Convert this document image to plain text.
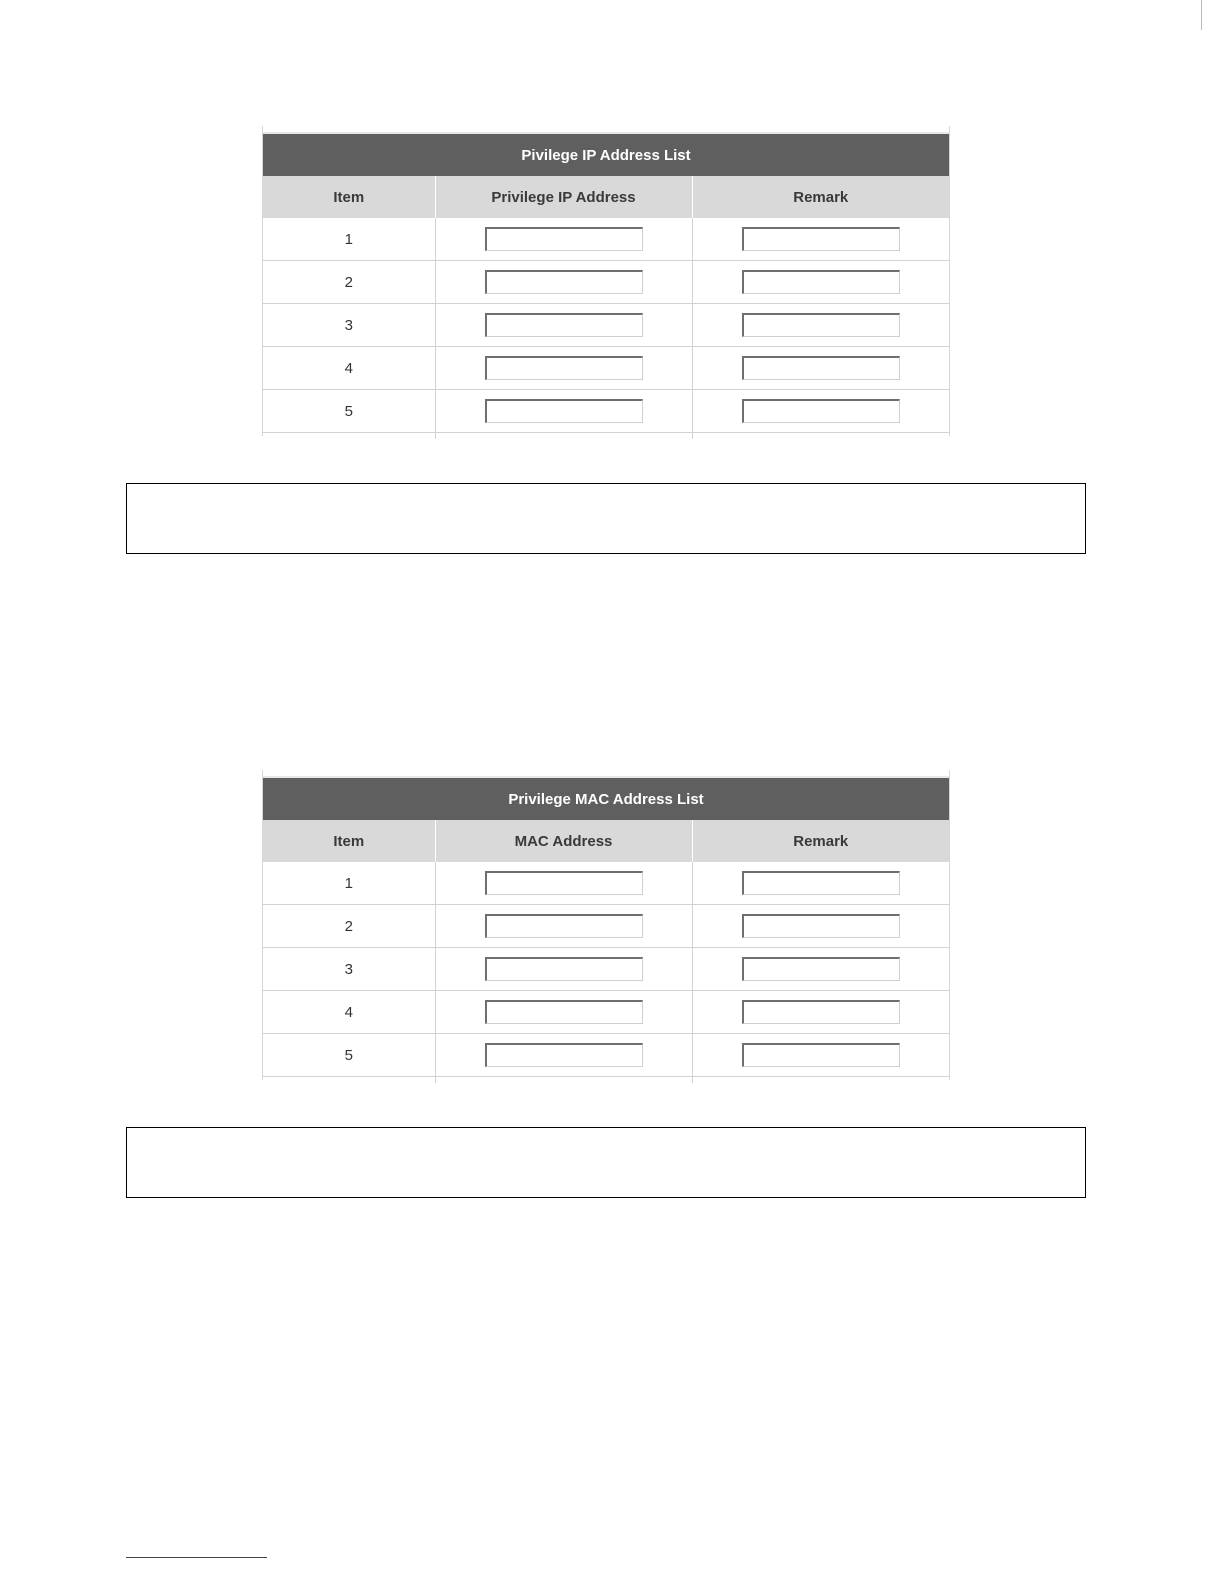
Pivilege IP Address List		
Item	Privilege IP Address	Remark
1		
2		
3		
4		
5		

Privilege MAC Address List		
Item	MAC Address	Remark
1		
2		
3		
4		
5		
